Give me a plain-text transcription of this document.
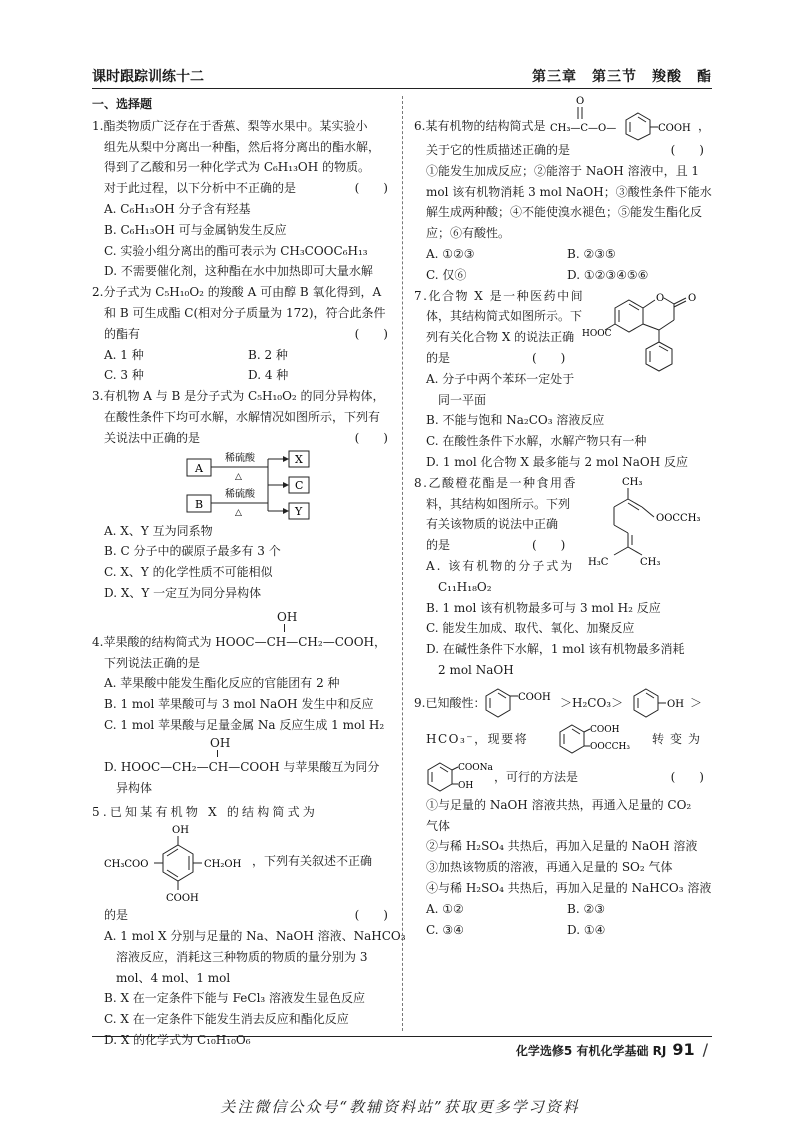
课时跟踪训练十二	第三章　第三节　羧酸　酯
一、选择题
1.酯类物质广泛存在于香蕉、梨等水果中。某实验小
组先从梨中分离出一种酯，然后将分离出的酯水解，
得到了乙酸和另一种化学式为 C₆H₁₃OH 的物质。
对于此过程，以下分析中不正确的是	(　　)
A. C₆H₁₃OH 分子含有羟基
B. C₆H₁₃OH 可与金属钠发生反应
C. 实验小组分离出的酯可表示为 CH₃COOC₆H₁₃
D. 不需要催化剂，这种酯在水中加热即可大量水解
2.分子式为 C₅H₁₀O₂ 的羧酸 A 可由醇 B 氧化得到，A
和 B 可生成酯 C(相对分子质量为 172)，符合此条件
的酯有	(　　)
A. 1 种	B. 2 种
C. 3 种	D. 4 种
3.有机物 A 与 B 是分子式为 C₅H₁₀O₂ 的同分异构体，
在酸性条件下均可水解，水解情况如图所示，下列有
关说法中正确的是	(　　)
A
B
稀硫酸
△
稀硫酸
△
X
C
Y
A. X、Y 互为同系物
B. C 分子中的碳原子最多有 3 个
C. X、Y 的化学性质不可能相似
D. X、Y 一定互为同分异构体
OH
4.苹果酸的结构简式为 HOOC—CH—CH₂—COOH，
下列说法正确的是
A. 苹果酸中能发生酯化反应的官能团有 2 种
B. 1 mol 苹果酸可与 3 mol NaOH 发生中和反应
C. 1 mol 苹果酸与足量金属 Na 反应生成 1 mol H₂
OH
D. HOOC—CH₂—CH—COOH 与苹果酸互为同分
异构体
5.已知某有机物 X 的结构简式为
OH
CH₃COO	CH₂OH
COOH
，下列有关叙述不正确
的是	(　　)
A. 1 mol X 分别与足量的 Na、NaOH 溶液、NaHCO₃
溶液反应，消耗这三种物质的物质的量分别为 3
mol、4 mol、1 mol
B. X 在一定条件下能与 FeCl₃ 溶液发生显色反应
C. X 在一定条件下能发生消去反应和酯化反应
D. X 的化学式为 C₁₀H₁₀O₆
6.某有机物的结构简式是
O
CH₃—C—O—	COOH ，
关于它的性质描述正确的是	(　　)
①能发生加成反应；②能溶于 NaOH 溶液中，且 1
mol 该有机物消耗 3 mol NaOH；③酸性条件下能水
解生成两种酸；④不能使溴水褪色；⑤能发生酯化反
应；⑥有酸性。
A. ①②③	B. ②③⑤
C. 仅⑥	D. ①②③④⑤⑥
O O
HOOC
7.化合物 X 是一种医药中间
体，其结构简式如图所示。下
列有关化合物 X 的说法正确
的是	(　　)
A. 分子中两个苯环一定处于
同一平面
B. 不能与饱和 Na₂CO₃ 溶液反应
C. 在酸性条件下水解，水解产物只有一种
D. 1 mol 化合物 X 最多能与 2 mol NaOH 反应
CH₃
OOCCH₃
H₃C	CH₃
8.乙酸橙花酯是一种食用香
料，其结构如图所示。下列
有关该物质的说法中正确
的是	(　　)
A. 该有机物的分子式为
C₁₁H₁₈O₂
B. 1 mol 该有机物最多可与 3 mol H₂ 反应
C. 能发生加成、取代、氧化、加聚反应
D. 在碱性条件下水解，1 mol 该有机物最多消耗
2 mol NaOH
9.已知酸性：	COOH ＞H₂CO₃＞	OH ＞
HCO₃⁻，现要将
COOH
OOCCH₃
转变为
COONa
OH
，可行的方法是	(　　)
①与足量的 NaOH 溶液共热，再通入足量的 CO₂
气体
②与稀 H₂SO₄ 共热后，再加入足量的 NaOH 溶液
③加热该物质的溶液，再通入足量的 SO₂ 气体
④与稀 H₂SO₄ 共热后，再加入足量的 NaHCO₃ 溶液
A. ①②	B. ②③
C. ③④	D. ①④
化学选修5 有机化学基础 RJ 91 /
关注微信公众号“教辅资料站”获取更多学习资料
